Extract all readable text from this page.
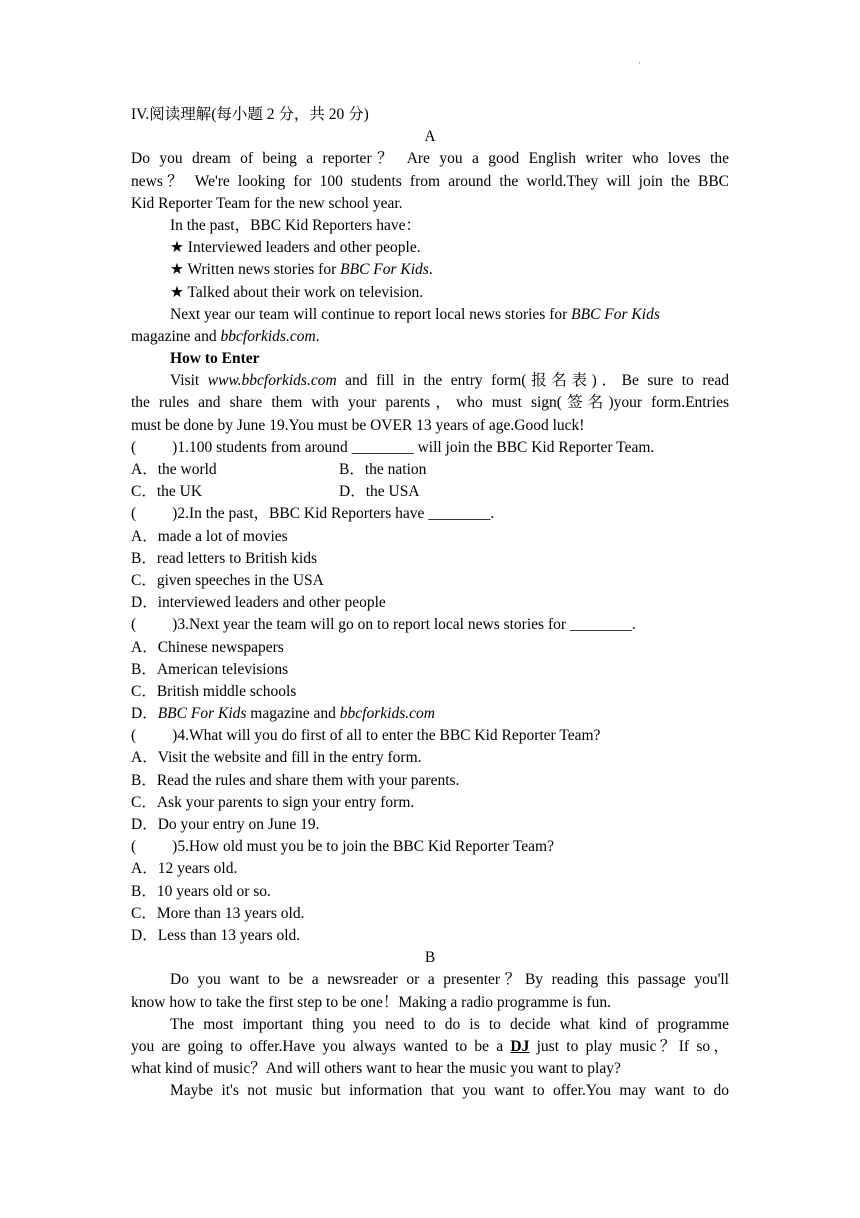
·
IV.阅读理解(每小题 2 分，共 20 分)
A
Do you dream of being a reporter？ Are you a good English writer who loves the
news？ We're looking for 100 students from around the world.They will join the BBC
Kid Reporter Team for the new school year.
In the past，BBC Kid Reporters have：
★ Interviewed leaders and other people.
★ Written news stories for BBC For Kids.
★ Talked about their work on television.
Next year our team will continue to report local news stories for BBC For Kids
magazine and bbcforkids.com.
How to Enter
Visit www.bbcforkids.com and fill in the entry form(报名表)．Be sure to read
the rules and share them with your parents，who must sign(签名)your form.Entries
must be done by June 19.You must be OVER 13 years of age.Good luck!
( )1.100 students from around ________ will join the BBC Kid Reporter Team.
A．the world	B．the nation
C．the UK	D．the USA
( )2.In the past，BBC Kid Reporters have ________.
A．made a lot of movies
B．read letters to British kids
C．given speeches in the USA
D．interviewed leaders and other people
( )3.Next year the team will go on to report local news stories for ________.
A．Chinese newspapers
B．American televisions
C．British middle schools
D．BBC For Kids magazine and bbcforkids.com
( )4.What will you do first of all to enter the BBC Kid Reporter Team?
A．Visit the website and fill in the entry form.
B．Read the rules and share them with your parents.
C．Ask your parents to sign your entry form.
D．Do your entry on June 19.
( )5.How old must you be to join the BBC Kid Reporter Team?
A．12 years old.
B．10 years old or so.
C．More than 13 years old.
D．Less than 13 years old.
B
Do you want to be a newsreader or a presenter？By reading this passage you'll
know how to take the first step to be one！Making a radio programme is fun.
The most important thing you need to do is to decide what kind of programme
you are going to offer.Have you always wanted to be a DJ just to play music？If so，
what kind of music？And will others want to hear the music you want to play?
Maybe it's not music but information that you want to offer.You may want to do
